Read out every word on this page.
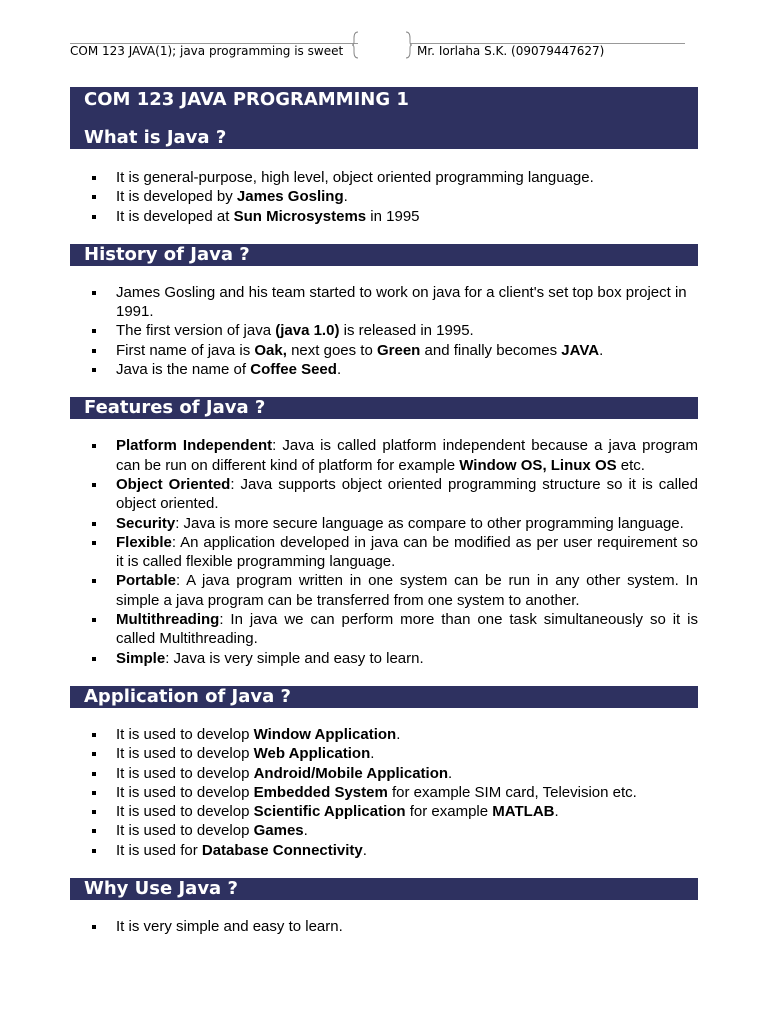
COM 123 JAVA(1); java programming is sweet	Mr. Iorlaha S.K. (09079447627)
COM 123 JAVA PROGRAMMING 1
What is Java ?
It is general-purpose, high level, object oriented programming language.
It is developed by James Gosling.
It is developed at Sun Microsystems in 1995
History of Java ?
James Gosling and his team started to work on java for a client's set top box project in 1991.
The first version of java (java 1.0) is released in 1995.
First name of java is Oak, next goes to Green and finally becomes JAVA.
Java is the name of Coffee Seed.
Features of Java ?
Platform Independent: Java is called platform independent because a java program can be run on different kind of platform for example Window OS, Linux OS etc.
Object Oriented: Java supports object oriented programming structure so it is called object oriented.
Security: Java is more secure language as compare to other programming language.
Flexible: An application developed in java can be modified as per user requirement so it is called flexible programming language.
Portable: A java program written in one system can be run in any other system. In simple a java program can be transferred from one system to another.
Multithreading: In java we can perform more than one task simultaneously so it is called Multithreading.
Simple: Java is very simple and easy to learn.
Application of Java ?
It is used to develop Window Application.
It is used to develop Web Application.
It is used to develop Android/Mobile Application.
It is used to develop Embedded System for example SIM card, Television etc.
It is used to develop Scientific Application for example MATLAB.
It is used to develop Games.
It is used for Database Connectivity.
Why Use Java ?
It is very simple and easy to learn.
